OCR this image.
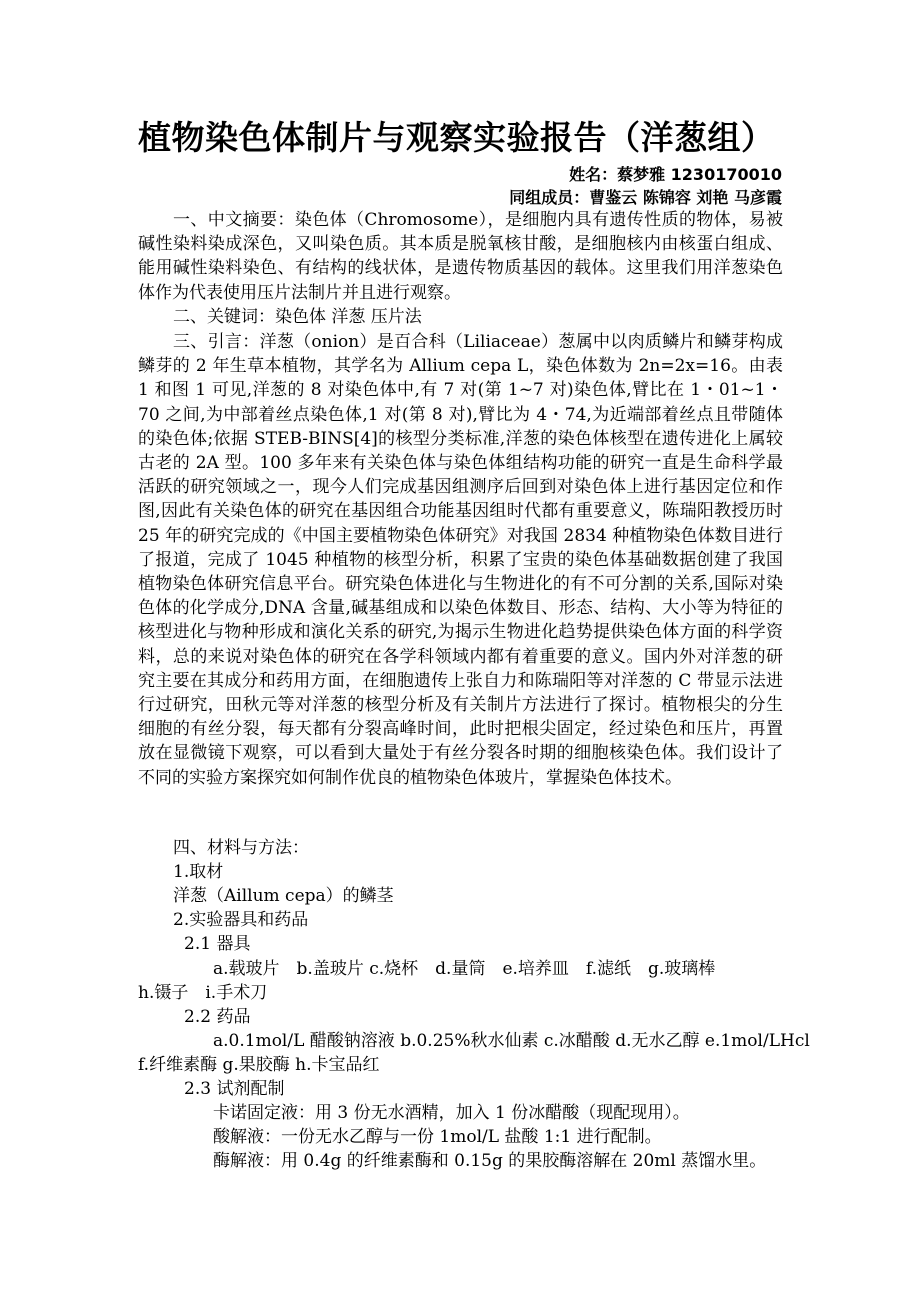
植物染色体制片与观察实验报告（洋葱组）
姓名：蔡梦雅 1230170010
同组成员：曹鉴云 陈锦容 刘艳 马彦霞
一、中文摘要：染色体（Chromosome），是细胞内具有遗传性质的物体，易被碱性染料染成深色，又叫染色质。其本质是脱氧核甘酸，是细胞核内由核蛋白组成、能用碱性染料染色、有结构的线状体，是遗传物质基因的载体。这里我们用洋葱染色体作为代表使用压片法制片并且进行观察。
二、关键词：染色体 洋葱 压片法
三、引言：洋葱（onion）是百合科（Liliaceae）葱属中以肉质鳞片和鳞芽构成鳞芽的 2 年生草本植物，其学名为 Allium cepa L，染色体数为 2n=2x=16。由表 1 和图 1 可见,洋葱的 8 对染色体中,有 7 对(第 1~7 对)染色体,臂比在 1・01~1・70 之间,为中部着丝点染色体,1 对(第 8 对),臂比为 4・74,为近端部着丝点且带随体的染色体;依据 STEB-BINS[4]的核型分类标准,洋葱的染色体核型在遗传进化上属较古老的 2A 型。100 多年来有关染色体与染色体组结构功能的研究一直是生命科学最活跃的研究领域之一，现今人们完成基因组测序后回到对染色体上进行基因定位和作图,因此有关染色体的研究在基因组合功能基因组时代都有重要意义，陈瑞阳教授历时 25 年的研究完成的《中国主要植物染色体研究》对我国 2834 种植物染色体数目进行了报道，完成了 1045 种植物的核型分析，积累了宝贵的染色体基础数据创建了我国植物染色体研究信息平台。研究染色体进化与生物进化的有不可分割的关系,国际对染色体的化学成分,DNA 含量,碱基组成和以染色体数目、形态、结构、大小等为特征的核型进化与物种形成和演化关系的研究,为揭示生物进化趋势提供染色体方面的科学资料，总的来说对染色体的研究在各学科领域内都有着重要的意义。国内外对洋葱的研究主要在其成分和药用方面，在细胞遗传上张自力和陈瑞阳等对洋葱的 C 带显示法进行过研究，田秋元等对洋葱的核型分析及有关制片方法进行了探讨。植物根尖的分生细胞的有丝分裂，每天都有分裂高峰时间，此时把根尖固定，经过染色和压片，再置放在显微镜下观察，可以看到大量处于有丝分裂各时期的细胞核染色体。我们设计了不同的实验方案探究如何制作优良的植物染色体玻片，掌握染色体技术。
四、材料与方法：
1.取材
洋葱（Aillum cepa）的鳞茎
2.实验器具和药品
2.1 器具
a.载玻片　b.盖玻片 c.烧杯　d.量筒　e.培养皿　f.滤纸　g.玻璃棒
h.镊子　i.手术刀
2.2 药品
a.0.1mol/L 醋酸钠溶液 b.0.25%秋水仙素 c.冰醋酸 d.无水乙醇 e.1mol/LHcl
f.纤维素酶 g.果胶酶 h.卡宝品红
2.3 试剂配制
卡诺固定液：用 3 份无水酒精，加入 1 份冰醋酸（现配现用）。
酸解液：一份无水乙醇与一份 1mol/L 盐酸 1:1 进行配制。
酶解液：用 0.4g 的纤维素酶和 0.15g 的果胶酶溶解在 20ml 蒸馏水里。
